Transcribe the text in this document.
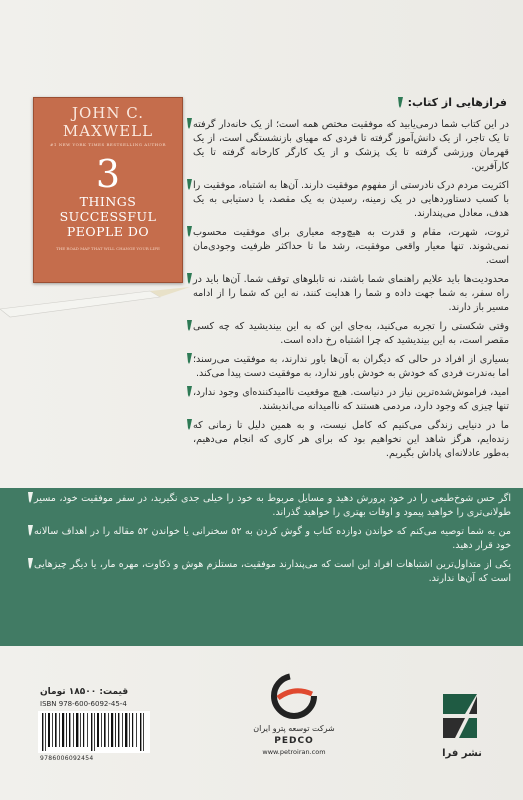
JOHN C. MAXWELL
#1 NEW YORK TIMES BESTSELLING AUTHOR
3
THINGS
SUCCESSFUL
PEOPLE DO
THE ROAD MAP THAT WILL CHANGE YOUR LIFE
فرازهایی از کتاب:
در این کتاب شما درمی‌یابید که موفقیت مختص همه است؛ از یک خانه‌دار گرفته تا یک تاجر، از یک دانش‌آموز گرفته تا فردی که مهیای بازنشستگی است، از یک قهرمان ورزشی گرفته تا یک پزشک و از یک کارگر کارخانه گرفته تا یک کارآفرین.
اکثریت مردم درک نادرستی از مفهوم موفقیت دارند. آن‌ها به اشتباه، موفقیت را با کسب دستاوردهایی در یک زمینه، رسیدن به یک مقصد، یا دستیابی به یک هدف، معادل می‌پندارند.
ثروت، شهرت، مقام و قدرت به هیچ‌وجه معیاری برای موفقیت محسوب نمی‌شوند. تنها معیار واقعی موفقیت، رشد ما تا حداکثر ظرفیت وجودی‌مان است.
محدودیت‌ها باید علایم راهنمای شما باشند، نه تابلوهای توقف شما. آن‌ها باید در راه سفر، به شما جهت داده و شما را هدایت کنند، نه این که شما را از ادامه مسیر باز دارند.
وقتی شکستی را تجربه می‌کنید، به‌جای این که به این بیندیشید که چه کسی مقصر است، به این بیندیشید که چرا اشتباه رخ داده است.
بسیاری از افراد در حالی که دیگران به آن‌ها باور ندارند، به موفقیت می‌رسند؛ اما به‌ندرت فردی که خودش به خودش باور ندارد، به موفقیت دست پیدا می‌کند.
امید، فراموش‌شده‌ترین نیاز در دنیاست. هیچ موقعیت ناامیدکننده‌ای وجود ندارد، تنها چیزی که وجود دارد، مردمی هستند که ناامیدانه می‌اندیشند.
ما در دنیایی زندگی می‌کنیم که کامل نیست، و به همین دلیل تا زمانی که زنده‌ایم، هرگز شاهد این نخواهیم بود که برای هر کاری که انجام می‌دهیم، به‌طور عادلانه‌ای پاداش بگیریم.
اگر حس شوخ‌طبعی را در خود پرورش دهید و مسایل مربوط به خود را خیلی جدی نگیرید، در سفر موفقیت خود، مسیر طولانی‌تری را خواهید پیمود و اوقات بهتری را خواهید گذراند.
من به شما توصیه می‌کنم که خواندن دوازده کتاب و گوش کردن به ۵۲ سخنرانی یا خواندن ۵۲ مقاله را در اهداف سالانه خود قرار دهید.
یکی از متداول‌ترین اشتباهات افراد این است که می‌پندارند موفقیت، مستلزم هوش و ذکاوت، مهره مار، یا دیگر چیزهایی است که آن‌ها ندارند.
قیمت: ۱۸۵۰۰ تومان
ISBN 978-600-6092-45-4
9786006092454
شرکت توسعه پترو ایران
PEDCO
www.petroiran.com	نشر فرا
